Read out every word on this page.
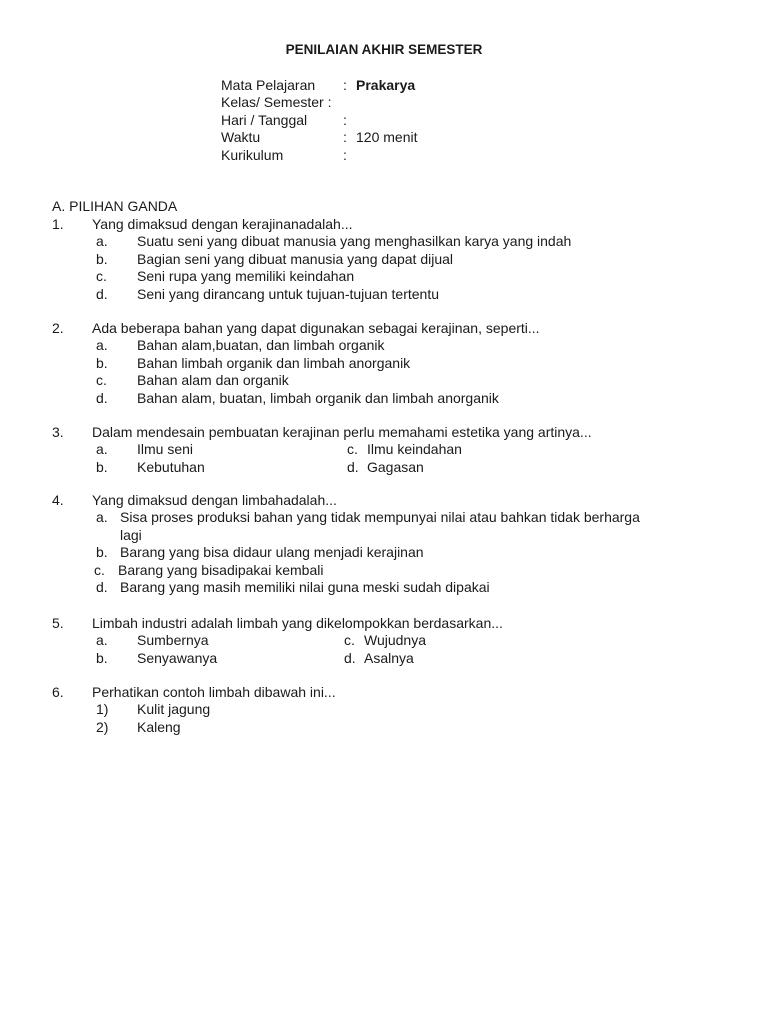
PENILAIAN AKHIR SEMESTER
Mata Pelajaran : Prakarya
Kelas/ Semester :
Hari / Tanggal	:
Waktu	: 120 menit
Kurikulum	:
A. PILIHAN GANDA
1. Yang dimaksud dengan kerajinanadalah...
a. Suatu seni yang dibuat manusia yang menghasilkan karya yang indah
b. Bagian seni yang dibuat manusia yang dapat dijual
c. Seni rupa yang memiliki keindahan
d. Seni yang dirancang untuk tujuan-tujuan tertentu
2. Ada beberapa bahan yang dapat digunakan sebagai kerajinan, seperti...
a. Bahan alam,buatan, dan limbah organik
b. Bahan limbah organik dan limbah anorganik
c. Bahan alam dan organik
d. Bahan alam, buatan, limbah organik dan limbah anorganik
3. Dalam mendesain pembuatan kerajinan perlu memahami estetika yang artinya...
a. Ilmu seni	c. Ilmu keindahan
b. Kebutuhan	d. Gagasan
4. Yang dimaksud dengan limbahadalah...
a. Sisa proses produksi bahan yang tidak mempunyai nilai atau bahkan tidak berharga
lagi
b. Barang yang bisa didaur ulang menjadi kerajinan
c. Barang yang bisadipakai kembali
d. Barang yang masih memiliki nilai guna meski sudah dipakai
5. Limbah industri adalah limbah yang dikelompokkan berdasarkan...
a. Sumbernya	c. Wujudnya
b. Senyawanya	d. Asalnya
6. Perhatikan contoh limbah dibawah ini...
1) Kulit jagung
2) Kaleng
